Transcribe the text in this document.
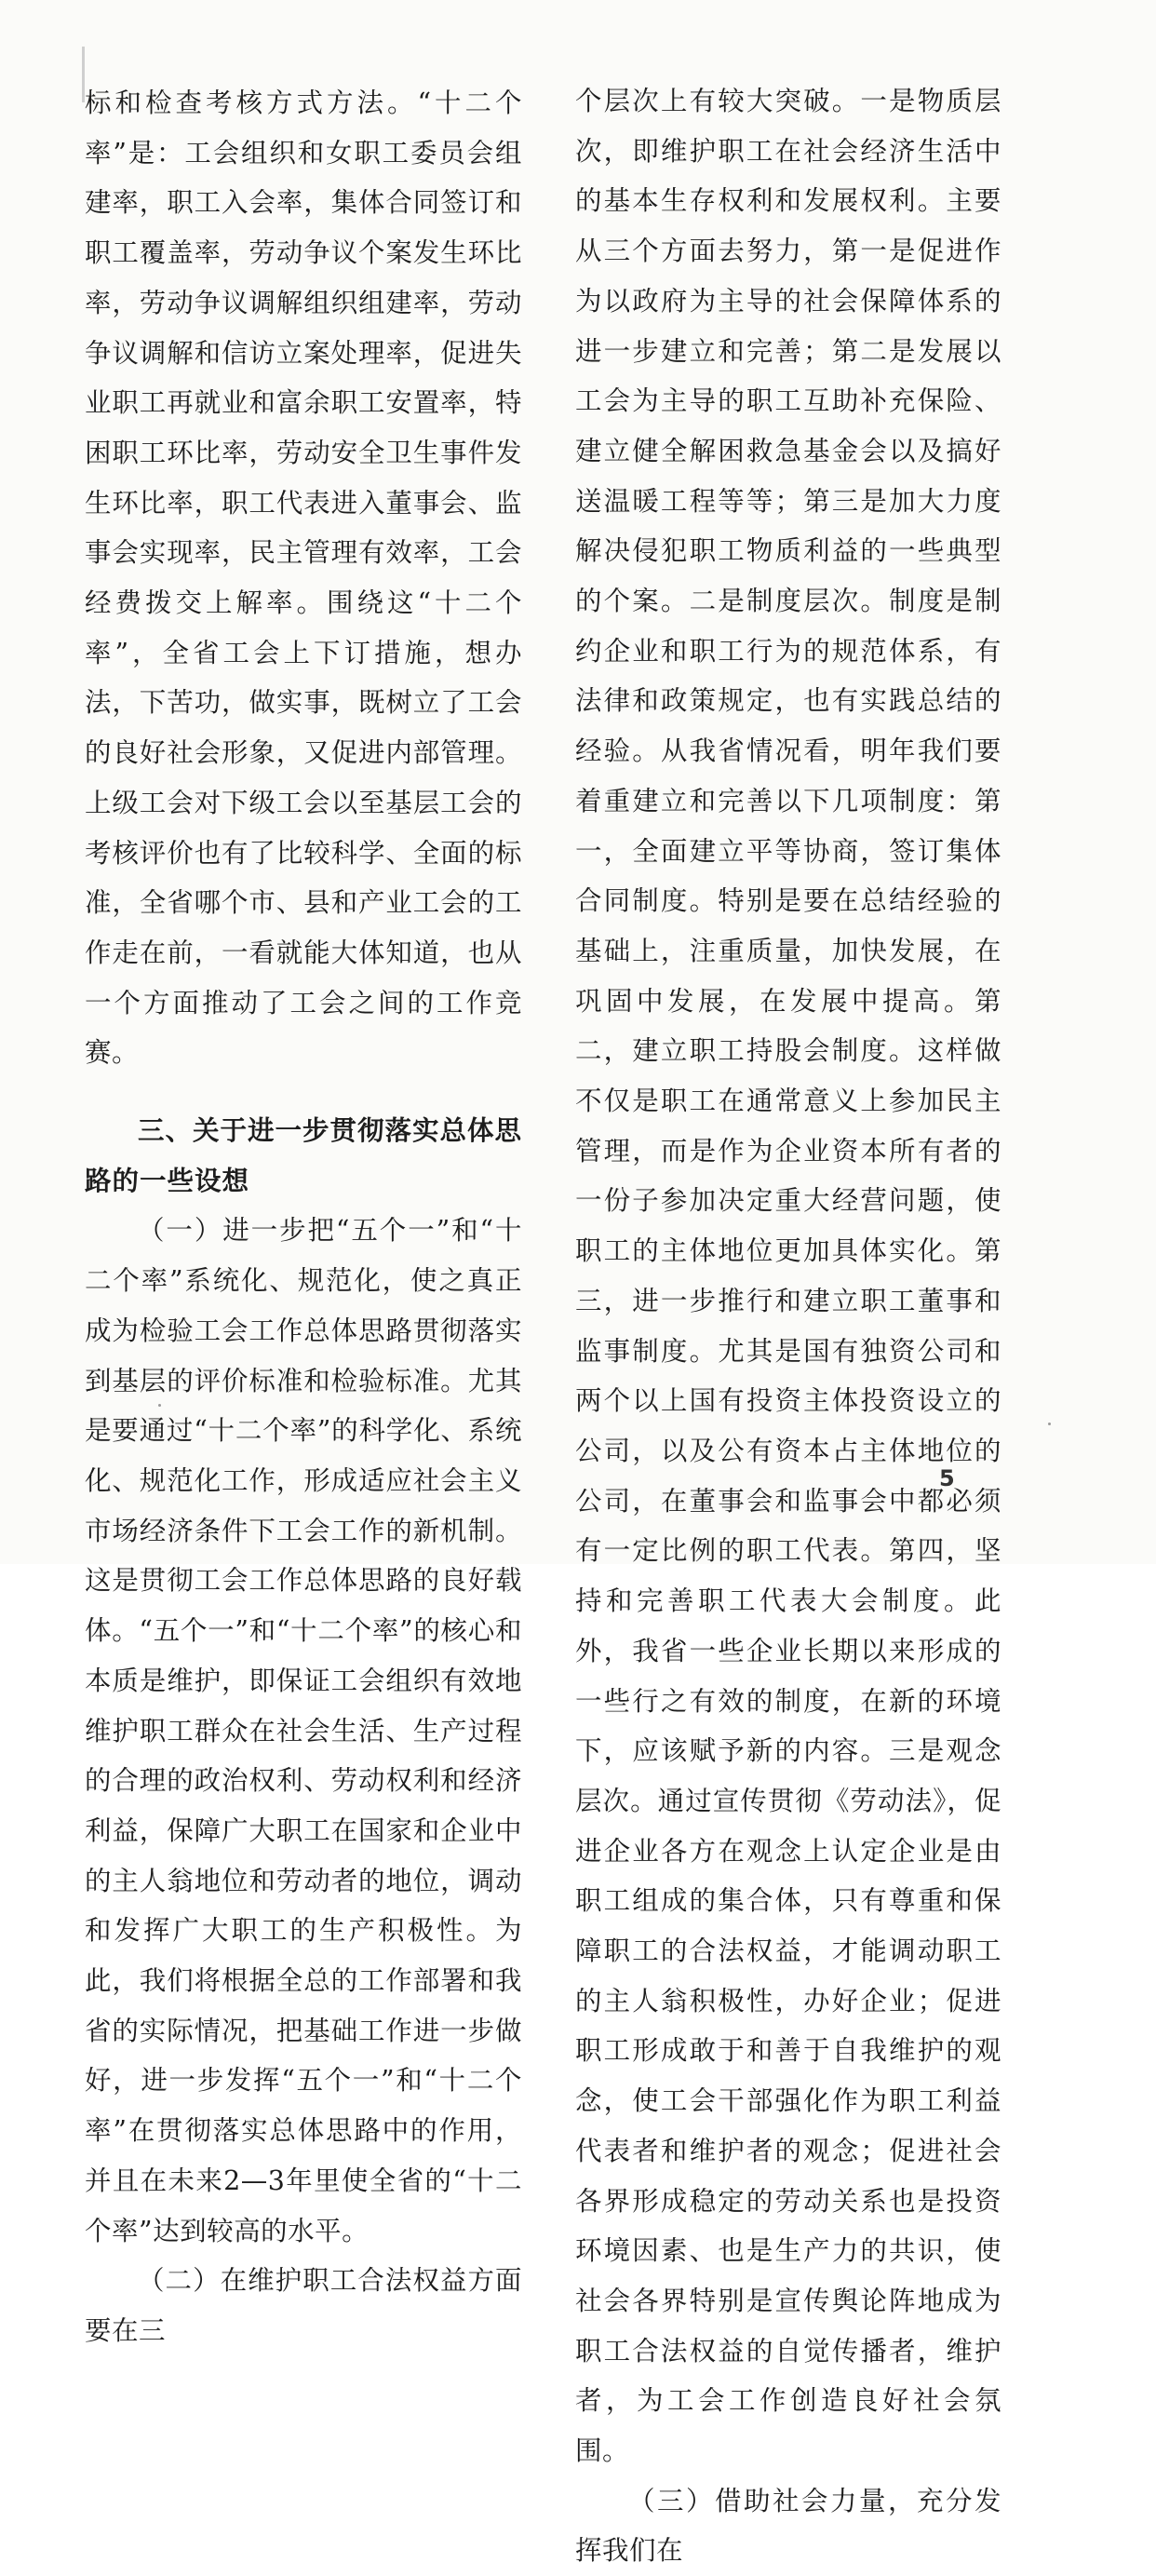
标和检查考核方式方法。“十二个率”是：工会组织和女职工委员会组建率，职工入会率，集体合同签订和职工覆盖率，劳动争议个案发生环比率，劳动争议调解组织组建率，劳动争议调解和信访立案处理率，促进失业职工再就业和富余职工安置率，特困职工环比率，劳动安全卫生事件发生环比率，职工代表进入董事会、监事会实现率，民主管理有效率，工会经费拨交上解率。围绕这“十二个率”，全省工会上下订措施，想办法，下苦功，做实事，既树立了工会的良好社会形象，又促进内部管理。上级工会对下级工会以至基层工会的考核评价也有了比较科学、全面的标准，全省哪个市、县和产业工会的工作走在前，一看就能大体知道，也从一个方面推动了工会之间的工作竞赛。

三、关于进一步贯彻落实总体思路的一些设想

（一）进一步把“五个一”和“十二个率”系统化、规范化，使之真正成为检验工会工作总体思路贯彻落实到基层的评价标准和检验标准。尤其是要通过“十二个率”的科学化、系统化、规范化工作，形成适应社会主义市场经济条件下工会工作的新机制。这是贯彻工会工作总体思路的良好载体。“五个一”和“十二个率”的核心和本质是维护，即保证工会组织有效地维护职工群众在社会生活、生产过程的合理的政治权利、劳动权利和经济利益，保障广大职工在国家和企业中的主人翁地位和劳动者的地位，调动和发挥广大职工的生产积极性。为此，我们将根据全总的工作部署和我省的实际情况，把基础工作进一步做好，进一步发挥“五个一”和“十二个率”在贯彻落实总体思路中的作用，并且在未来2—3年里使全省的“十二个率”达到较高的水平。

（二）在维护职工合法权益方面要在三

个层次上有较大突破。一是物质层次，即维护职工在社会经济生活中的基本生存权利和发展权利。主要从三个方面去努力，第一是促进作为以政府为主导的社会保障体系的进一步建立和完善；第二是发展以工会为主导的职工互助补充保险、建立健全解困救急基金会以及搞好送温暖工程等等；第三是加大力度解决侵犯职工物质利益的一些典型的个案。二是制度层次。制度是制约企业和职工行为的规范体系，有法律和政策规定，也有实践总结的经验。从我省情况看，明年我们要着重建立和完善以下几项制度：第一，全面建立平等协商，签订集体合同制度。特别是要在总结经验的基础上，注重质量，加快发展，在巩固中发展，在发展中提高。第二，建立职工持股会制度。这样做不仅是职工在通常意义上参加民主管理，而是作为企业资本所有者的一份子参加决定重大经营问题，使职工的主体地位更加具体实化。第三，进一步推行和建立职工董事和监事制度。尤其是国有独资公司和两个以上国有投资主体投资设立的公司，以及公有资本占主体地位的公司，在董事会和监事会中都必须有一定比例的职工代表。第四，坚持和完善职工代表大会制度。此外，我省一些企业长期以来形成的一些行之有效的制度，在新的环境下，应该赋予新的内容。三是观念层次。通过宣传贯彻《劳动法》，促进企业各方在观念上认定企业是由职工组成的集合体，只有尊重和保障职工的合法权益，才能调动职工的主人翁积极性，办好企业；促进职工形成敢于和善于自我维护的观念，使工会干部强化作为职工利益代表者和维护者的观念；促进社会各界形成稳定的劳动关系也是投资环境因素、也是生产力的共识，使社会各界特别是宣传舆论阵地成为职工合法权益的自觉传播者，维护者，为工会工作创造良好社会氛围。

（三）借助社会力量，充分发挥我们在

5
